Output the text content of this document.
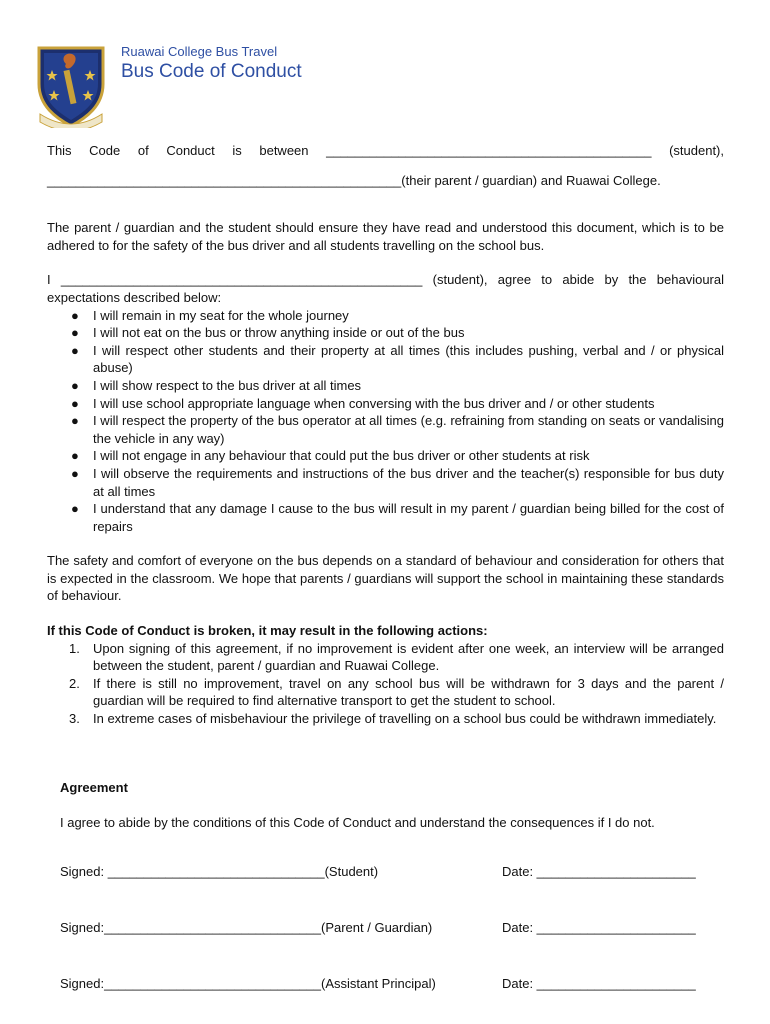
Ruawai College Bus Travel
Bus Code of Conduct

This Code of Conduct is between _____________________________________________ (student),

_________________________________________________(their parent / guardian) and Ruawai College.

The parent / guardian and the student should ensure they have read and understood this document, which is to be adhered to for the safety of the bus driver and all students travelling on the school bus.

I __________________________________________________ (student), agree to abide by the behavioural

expectations described below:

● I will remain in my seat for the whole journey
● I will not eat on the bus or throw anything inside or out of the bus
● I will respect other students and their property at all times (this includes pushing, verbal and / or physical abuse)
● I will show respect to the bus driver at all times
● I will use school appropriate language when conversing with the bus driver and / or other students
● I will respect the property of the bus operator at all times (e.g. refraining from standing on seats or vandalising the vehicle in any way)
● I will not engage in any behaviour that could put the bus driver or other students at risk
● I will observe the requirements and instructions of the bus driver and the teacher(s) responsible for bus duty at all times
● I understand that any damage I cause to the bus will result in my parent / guardian being billed for the cost of repairs

The safety and comfort of everyone on the bus depends on a standard of behaviour and consideration for others that is expected in the classroom. We hope that parents / guardians will support the school in maintaining these standards of behaviour.

If this Code of Conduct is broken, it may result in the following actions:

1. Upon signing of this agreement, if no improvement is evident after one week, an interview will be arranged between the student, parent / guardian and Ruawai College.
2. If there is still no improvement, travel on any school bus will be withdrawn for 3 days and the parent / guardian will be required to find alternative transport to get the student to school.
3. In extreme cases of misbehaviour the privilege of travelling on a school bus could be withdrawn immediately.
Agreement
I agree to abide by the conditions of this Code of Conduct and understand the consequences if I do not.
Signed: ______________________________(Student)	Date: ______________________
Signed:______________________________(Parent / Guardian)	Date: ______________________
Signed:______________________________(Assistant Principal)	Date: ______________________
